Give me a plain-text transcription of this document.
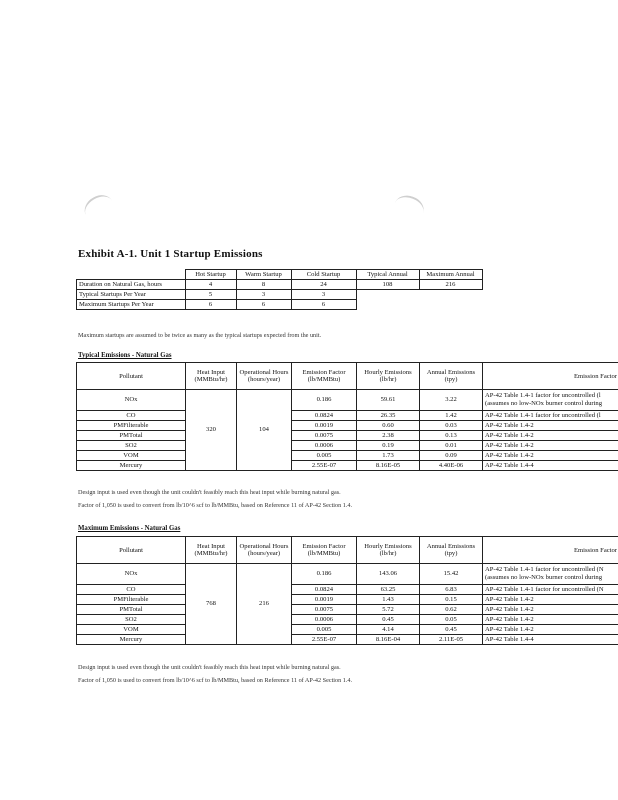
Exhibit A-1. Unit 1 Startup Emissions
	Hot Startup	Warm Startup	Cold Startup	Typical Annual	Maximum Annual
Duration on Natural Gas, hours	4	8	24	108	216
Typical Startups Per Year	5	3	3		
Maximum Startups Per Year	6	6	6		
Maximum startups are assumed to be twice as many as the typical startups expected from the unit.
Typical Emissions - Natural Gas
Pollutant	Heat Input (MMBtu/hr)	Operational Hours (hours/year)	Emission Factor (lb/MMBtu)	Hourly Emissions (lb/hr)	Annual Emissions (tpy)	Emission Factor
NOx	320	104	0.186	59.61	3.22	AP-42 Table 1.4-1 factor for uncontrolled (l
(assumes no low-NOx burner control during
CO			0.0824	26.35	1.42	AP-42 Table 1.4-1 factor for uncontrolled (l
PMFilterable			0.0019	0.60	0.03	AP-42 Table 1.4-2
PMTotal			0.0075	2.38	0.13	AP-42 Table 1.4-2
SO2			0.0006	0.19	0.01	AP-42 Table 1.4-2
VOM			0.005	1.73	0.09	AP-42 Table 1.4-2
Mercury			2.55E-07	8.16E-05	4.40E-06	AP-42 Table 1.4-4
Design input is used even though the unit couldn't feasibly reach this heat input while burning natural gas.
Factor of 1,050 is used to convert from lb/10^6 scf to lb/MMBtu, based on Reference 11 of AP-42 Section 1.4.
Maximum Emissions - Natural Gas
Pollutant	Heat Input (MMBtu/hr)	Operational Hours (hours/year)	Emission Factor (lb/MMBtu)	Hourly Emissions (lb/hr)	Annual Emissions (tpy)	Emission Factor
NOx	768	216	0.186	143.06	15.42	AP-42 Table 1.4-1 factor for uncontrolled (N
(assumes no low-NOx burner control during
CO			0.0824	63.25	6.83	AP-42 Table 1.4-1 factor for uncontrolled (N
PMFilterable			0.0019	1.43	0.15	AP-42 Table 1.4-2
PMTotal			0.0075	5.72	0.62	AP-42 Table 1.4-2
SO2			0.0006	0.45	0.05	AP-42 Table 1.4-2
VOM			0.005	4.14	0.45	AP-42 Table 1.4-2
Mercury			2.55E-07	8.16E-04	2.11E-05	AP-42 Table 1.4-4
Design input is used even though the unit couldn't feasibly reach this heat input while burning natural gas.
Factor of 1,050 is used to convert from lb/10^6 scf to lb/MMBtu, based on Reference 11 of AP-42 Section 1.4.
